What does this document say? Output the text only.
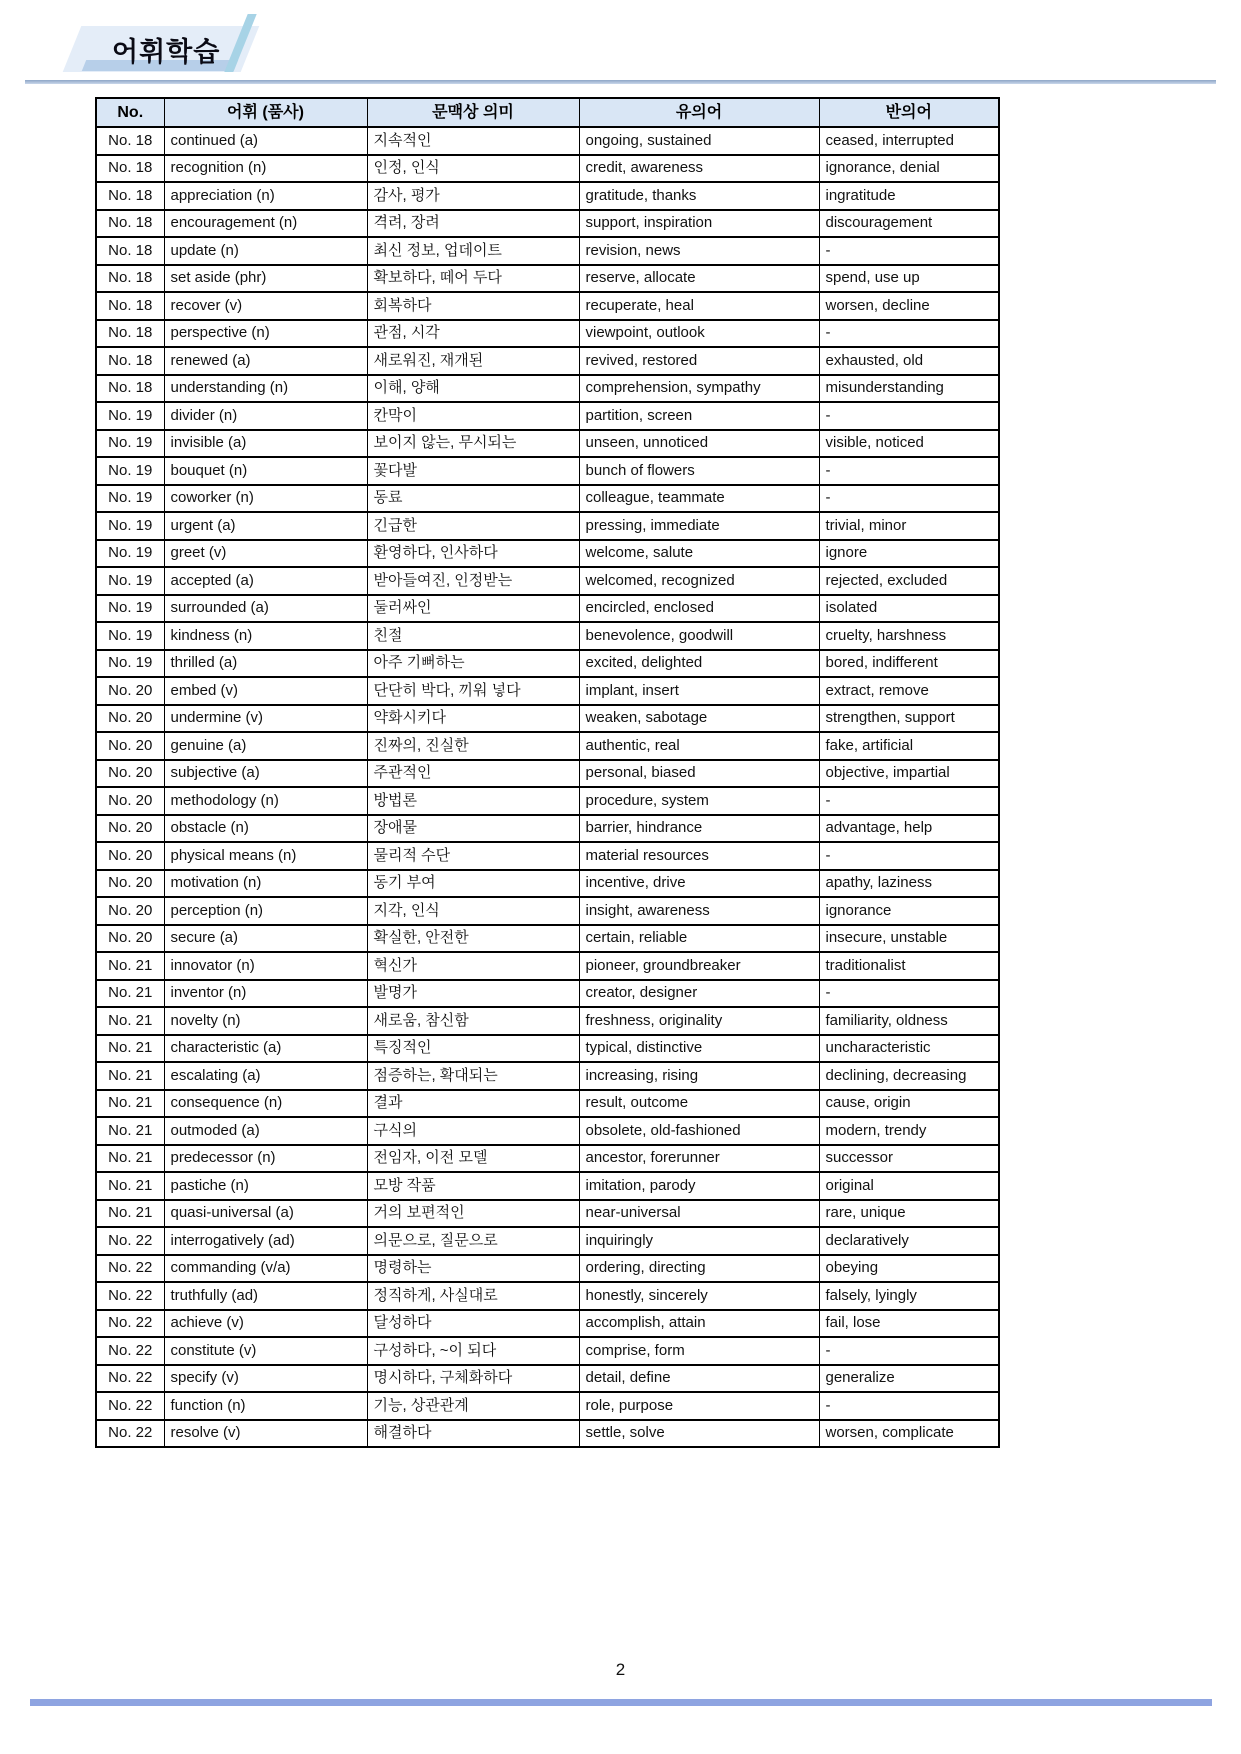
어휘학습
No.	어휘 (품사)	문맥상 의미	유의어	반의어
No. 18	continued (a)	지속적인	ongoing, sustained	ceased, interrupted
No. 18	recognition (n)	인정, 인식	credit, awareness	ignorance, denial
No. 18	appreciation (n)	감사, 평가	gratitude, thanks	ingratitude
No. 18	encouragement (n)	격려, 장려	support, inspiration	discouragement
No. 18	update (n)	최신 정보, 업데이트	revision, news	-
No. 18	set aside (phr)	확보하다, 떼어 두다	reserve, allocate	spend, use up
No. 18	recover (v)	회복하다	recuperate, heal	worsen, decline
No. 18	perspective (n)	관점, 시각	viewpoint, outlook	-
No. 18	renewed (a)	새로워진, 재개된	revived, restored	exhausted, old
No. 18	understanding (n)	이해, 양해	comprehension, sympathy	misunderstanding
No. 19	divider (n)	칸막이	partition, screen	-
No. 19	invisible (a)	보이지 않는, 무시되는	unseen, unnoticed	visible, noticed
No. 19	bouquet (n)	꽃다발	bunch of flowers	-
No. 19	coworker (n)	동료	colleague, teammate	-
No. 19	urgent (a)	긴급한	pressing, immediate	trivial, minor
No. 19	greet (v)	환영하다, 인사하다	welcome, salute	ignore
No. 19	accepted (a)	받아들여진, 인정받는	welcomed, recognized	rejected, excluded
No. 19	surrounded (a)	둘러싸인	encircled, enclosed	isolated
No. 19	kindness (n)	친절	benevolence, goodwill	cruelty, harshness
No. 19	thrilled (a)	아주 기뻐하는	excited, delighted	bored, indifferent
No. 20	embed (v)	단단히 박다, 끼워 넣다	implant, insert	extract, remove
No. 20	undermine (v)	약화시키다	weaken, sabotage	strengthen, support
No. 20	genuine (a)	진짜의, 진실한	authentic, real	fake, artificial
No. 20	subjective (a)	주관적인	personal, biased	objective, impartial
No. 20	methodology (n)	방법론	procedure, system	-
No. 20	obstacle (n)	장애물	barrier, hindrance	advantage, help
No. 20	physical means (n)	물리적 수단	material resources	-
No. 20	motivation (n)	동기 부여	incentive, drive	apathy, laziness
No. 20	perception (n)	지각, 인식	insight, awareness	ignorance
No. 20	secure (a)	확실한, 안전한	certain, reliable	insecure, unstable
No. 21	innovator (n)	혁신가	pioneer, groundbreaker	traditionalist
No. 21	inventor (n)	발명가	creator, designer	-
No. 21	novelty (n)	새로움, 참신함	freshness, originality	familiarity, oldness
No. 21	characteristic (a)	특징적인	typical, distinctive	uncharacteristic
No. 21	escalating (a)	점증하는, 확대되는	increasing, rising	declining, decreasing
No. 21	consequence (n)	결과	result, outcome	cause, origin
No. 21	outmoded (a)	구식의	obsolete, old-fashioned	modern, trendy
No. 21	predecessor (n)	전임자, 이전 모델	ancestor, forerunner	successor
No. 21	pastiche (n)	모방 작품	imitation, parody	original
No. 21	quasi-universal (a)	거의 보편적인	near-universal	rare, unique
No. 22	interrogatively (ad)	의문으로, 질문으로	inquiringly	declaratively
No. 22	commanding (v/a)	명령하는	ordering, directing	obeying
No. 22	truthfully (ad)	정직하게, 사실대로	honestly, sincerely	falsely, lyingly
No. 22	achieve (v)	달성하다	accomplish, attain	fail, lose
No. 22	constitute (v)	구성하다, ~이 되다	comprise, form	-
No. 22	specify (v)	명시하다, 구체화하다	detail, define	generalize
No. 22	function (n)	기능, 상관관계	role, purpose	-
No. 22	resolve (v)	해결하다	settle, solve	worsen, complicate
2
